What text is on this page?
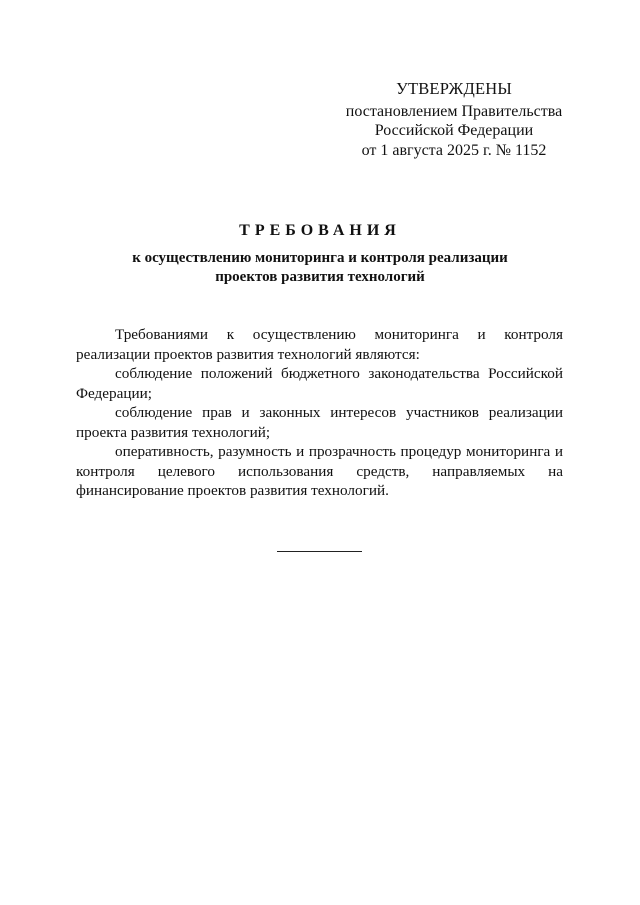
УТВЕРЖДЕНЫ
постановлением Правительства
Российской Федерации
от 1 августа 2025 г. № 1152
ТРЕБОВАНИЯ
к осуществлению мониторинга и контроля реализации
проектов развития технологий

Требованиями к осуществлению мониторинга и контроля реализации проектов развития технологий являются:

соблюдение положений бюджетного законодательства Российской Федерации;

соблюдение прав и законных интересов участников реализации проекта развития технологий;

оперативность, разумность и прозрачность процедур мониторинга и контроля целевого использования средств, направляемых на финансирование проектов развития технологий.
